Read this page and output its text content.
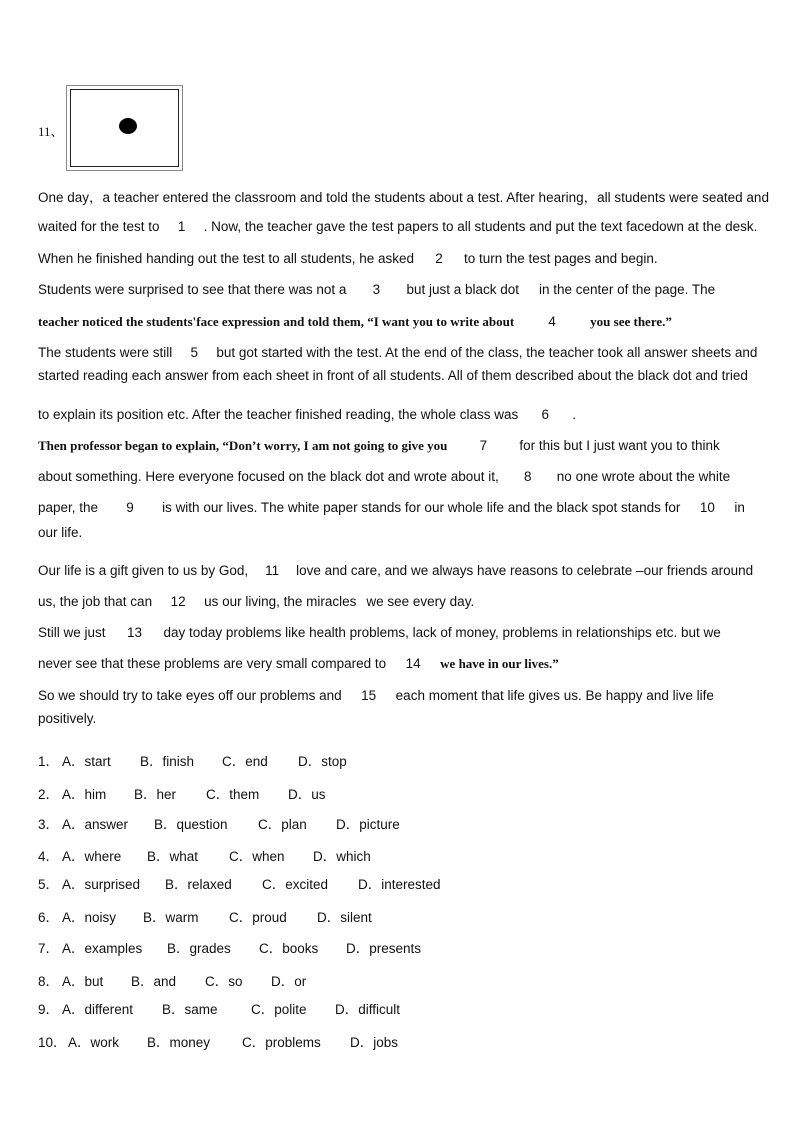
11、
One day，a teacher entered the classroom and told the students about a test. After hearing，all students were seated and
waited for the test to 1 . Now, the teacher gave the test papers to all students and put the text facedown at the desk.
When he finished handing out the test to all students, he asked 2 to turn the test pages and begin.
Students were surprised to see that there was not a 3 but just a black dot in the center of the page. The
teacher noticed the students'face expression and told them, “I want you to write about	4	you see there.”
The students were still 5 but got started with the test. At the end of the class, the teacher took all answer sheets and
started reading each answer from each sheet in front of all students. All of them described about the black dot and tried
to explain its position etc. After the teacher finished reading, the whole class was 6 .
Then professor began to explain, “Don’t worry, I am not going to give you 7 for this but I just want you to think
about something. Here everyone focused on the black dot and wrote about it, 8 no one wrote about the white
paper, the 9 is with our lives. The white paper stands for our whole life and the black spot stands for 10 in
our life.
Our life is a gift given to us by God, 11 love and care, and we always have reasons to celebrate –our friends around
us, the job that can 12 us our living, the miracles we see every day.
Still we just 13 day today problems like health problems, lack of money, problems in relationships etc. but we
never see that these problems are very small compared to 14 we have in our lives.”
So we should try to take eyes off our problems and 15 each moment that life gives us. Be happy and live life
positively.
1． A．start B．finish C．end D．stop
2． A．him B．her C．them D．us
3． A．answer B．question C．plan D．picture
4． A．where B．what C．when D．which
5． A．surprised B．relaxed C．excited D．interested
6． A．noisy B．warm C．proud D．silent
7． A．examples B．grades C．books D．presents
8． A．but B．and C．so D．or
9． A．different B．same C．polite D．difficult
10． A．work B．money C．problems D．jobs
